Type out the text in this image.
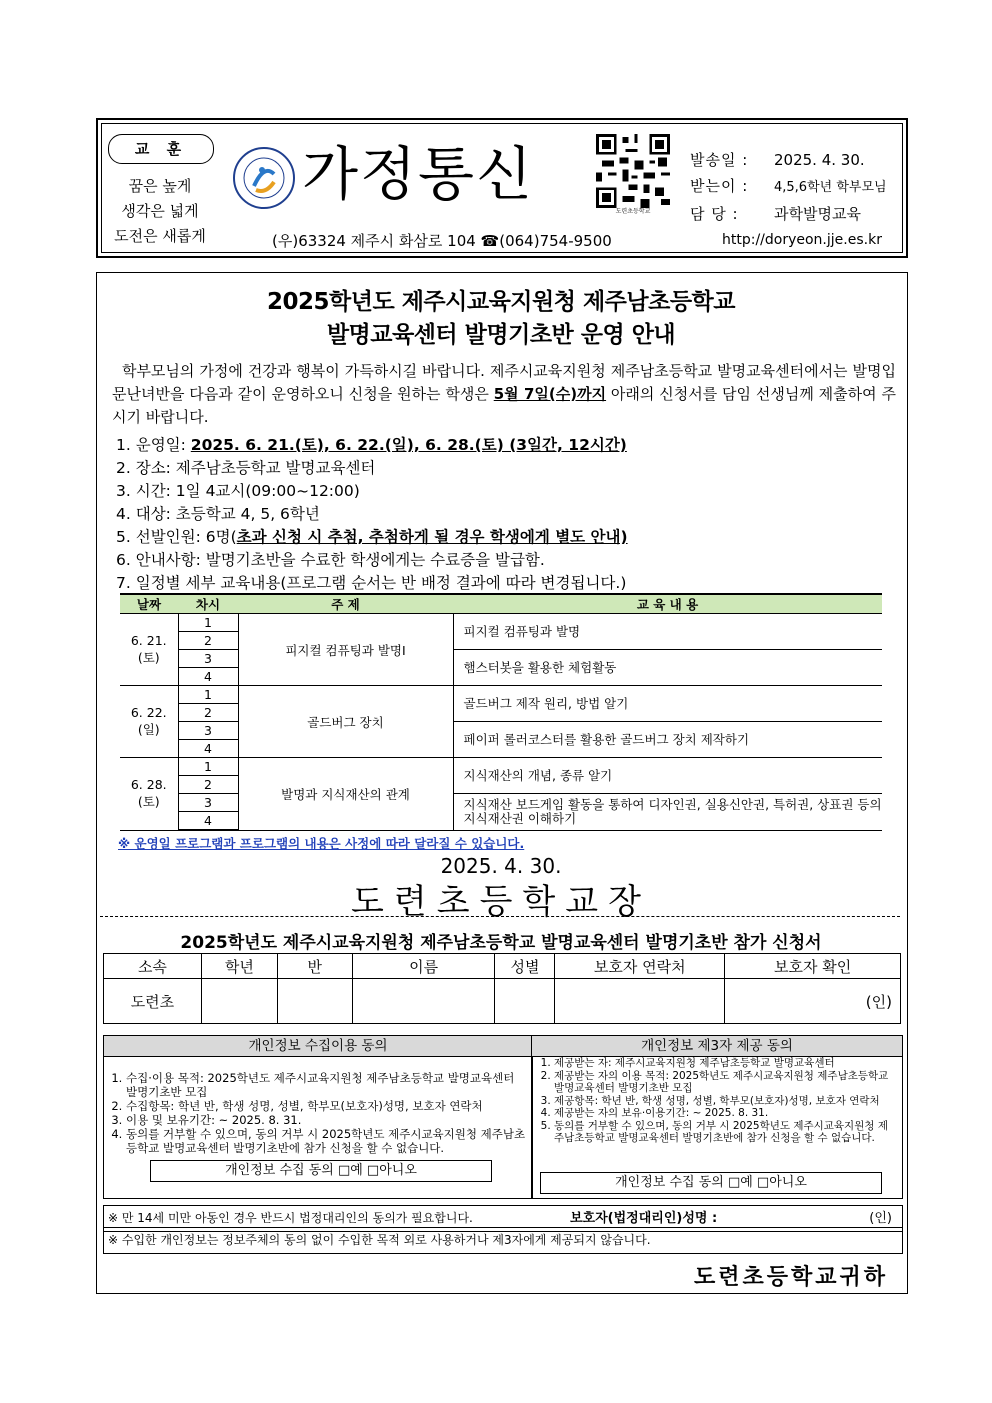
교 훈
꿈은 높게
생각은 넓게
도전은 새롭게
가정통신
도련초등학교
발송일 : 2025. 4. 30.
받는이 : 4,5,6학년 학부모님
담 당 : 과학발명교육
(우)63324 제주시 화삼로 104 ☎(064)754-9500	http://doryeon.jje.es.kr
2025학년도 제주시교육지원청 제주남초등학교
발명교육센터 발명기초반 운영 안내
학부모님의 가정에 건강과 행복이 가득하시길 바랍니다. 제주시교육지원청 제주남초등학교 발명교육센터에서는 발명입문난녀반을 다음과 같이 운영하오니 신청을 원하는 학생은 5월 7일(수)까지 아래의 신청서를 담임 선생님께 제출하여 주시기 바랍니다.
1. 운영일: 2025. 6. 21.(토), 6. 22.(일), 6. 28.(토) (3일간, 12시간)
2. 장소: 제주남초등학교 발명교육센터
3. 시간: 1일 4교시(09:00~12:00)
4. 대상: 초등학교 4, 5, 6학년
5. 선발인원: 6명(초과 신청 시 추첨, 추첨하게 될 경우 학생에게 별도 안내)
6. 안내사항: 발명기초반을 수료한 학생에게는 수료증을 발급함.
7. 일정별 세부 교육내용(프로그램 순서는 반 배정 결과에 따라 변경됩니다.)
날짜	차시	주 제	교 육 내 용

6. 21.
(토)	1	피지컬 컴퓨팅과 발명Ⅰ	피지컬 컴퓨팅과 발명
	2		
	3		햄스터봇을 활용한 체험활동
	4		

6. 22.
(일)	1	골드버그 장치	골드버그 제작 원리, 방법 알기
	2		
	3		페이퍼 롤러코스터를 활용한 골드버그 장치 제작하기
	4		

6. 28.
(토)	1	발명과 지식재산의 관계	지식재산의 개념, 종류 알기
	2		
	3		지식재산 보드게임 활동을 통하여 디자인권, 실용신안권, 특허권, 상표권 등의 지식재산권 이해하기
	4		
※ 운영일 프로그램과 프로그램의 내용은 사정에 따라 달라질 수 있습니다.
2025. 4. 30.
도련초등학교장
2025학년도 제주시교육지원청 제주남초등학교 발명교육센터 발명기초반 참가 신청서
소속	학년	반	이름	성별	보호자 연락처	보호자 확인
도련초						(인)
개인정보 수집이용 동의
1. 수집·이용 목적: 2025학년도 제주시교육지원청 제주남초등학교 발명교육센터 발명기초반 모집
2. 수집항목: 학년 반, 학생 성명, 성별, 학부모(보호자)성명, 보호자 연락처
3. 이용 및 보유기간: ~ 2025. 8. 31.
4. 동의를 거부할 수 있으며, 동의 거부 시 2025학년도 제주시교육지원청 제주남초등학교 발명교육센터 발명기초반에 참가 신청을 할 수 없습니다.
개인정보 수집 동의 □예 □아니오
개인정보 제3자 제공 동의
1. 제공받는 자: 제주시교육지원청 제주남초등학교 발명교육센터
2. 제공받는 자의 이용 목적: 2025학년도 제주시교육지원청 제주남초등학교 발명교육센터 발명기초반 모집
3. 제공항목: 학년 반, 학생 성명, 성별, 학부모(보호자)성명, 보호자 연락처
4. 제공받는 자의 보유·이용기간: ~ 2025. 8. 31.
5. 동의를 거부할 수 있으며, 동의 거부 시 2025학년도 제주시교육지원청 제주남초등학교 발명교육센터 발명기초반에 참가 신청을 할 수 없습니다.
개인정보 수집 동의 □예 □아니오
※ 만 14세 미만 아동인 경우 반드시 법정대리인의 동의가 필요합니다.	보호자(법정대리인)성명 :	(인)
※ 수입한 개인정보는 정보주체의 동의 없이 수입한 목적 외로 사용하거나 제3자에게 제공되지 않습니다.
도련초등학교귀하
